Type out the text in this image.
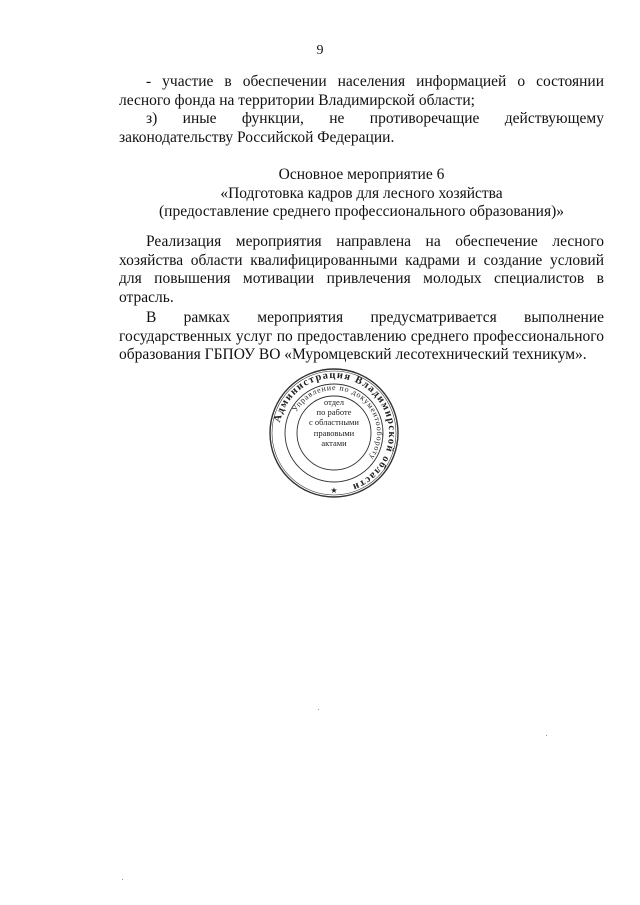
9

- участие в обеспечении населения информацией о состоянии лесного фонда на территории Владимирской области;

з) иные функции, не противоречащие действующему законодательству Российской Федерации.

Основное мероприятие 6
«Подготовка кадров для лесного хозяйства
(предоставление среднего профессионального образования)»

Реализация мероприятия направлена на обеспечение лесного хозяйства области квалифицированными кадрами и создание условий для повышения мотивации привлечения молодых специалистов в отрасль.

В рамках мероприятия предусматривается выполнение государственных услуг по предоставлению среднего профессионального образования ГБПОУ ВО «Муромцевский лесотехнический техникум».

Администрация Владимирской области
Управление по документообороту
★
отдел
по работе
с областными
правовыми
актами
